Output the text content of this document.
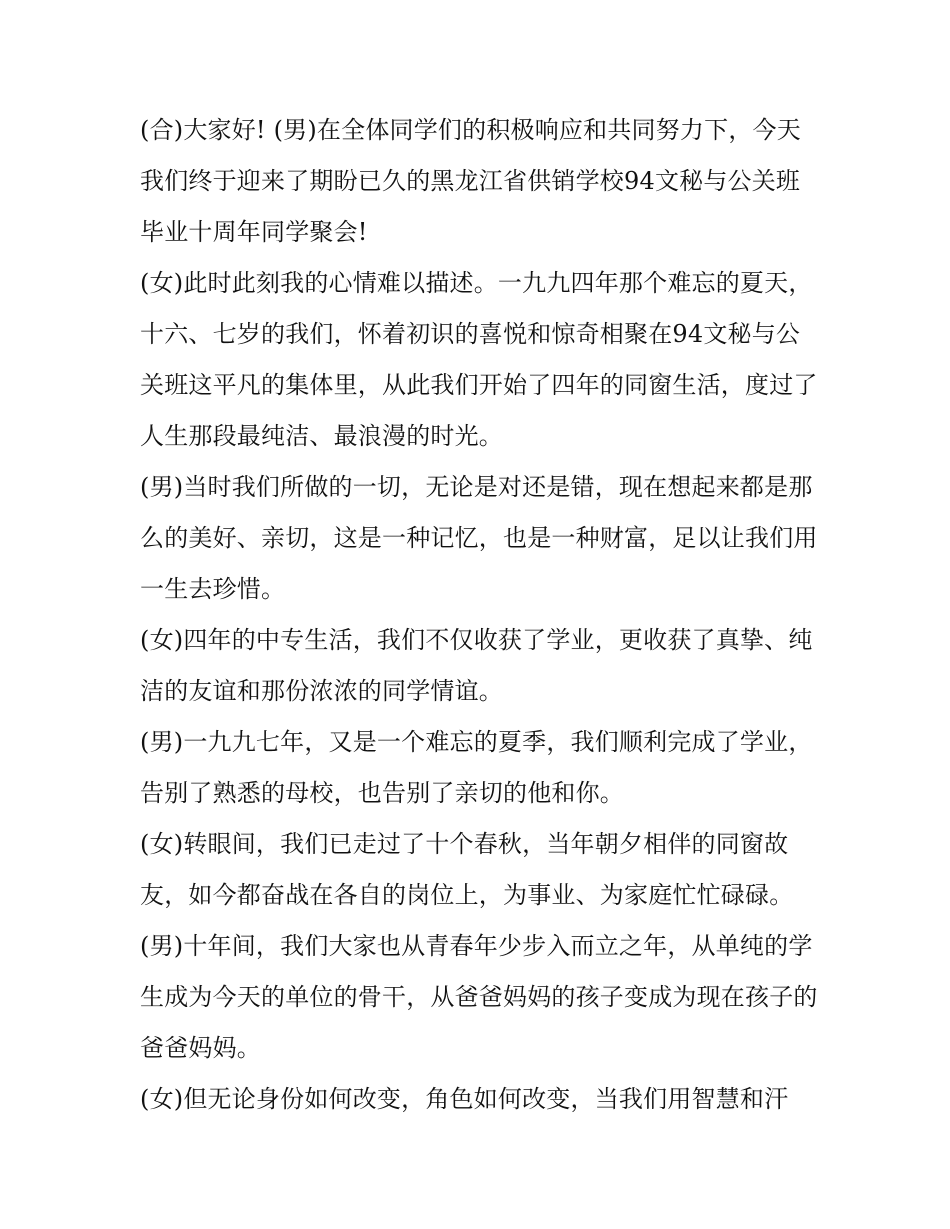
(合)大家好! (男)在全体同学们的积极响应和共同努力下，今天我们终于迎来了期盼已久的黑龙江省供销学校94文秘与公关班毕业十周年同学聚会!

(女)此时此刻我的心情难以描述。一九九四年那个难忘的夏天，十六、七岁的我们，怀着初识的喜悦和惊奇相聚在94文秘与公关班这平凡的集体里，从此我们开始了四年的同窗生活，度过了人生那段最纯洁、最浪漫的时光。

(男)当时我们所做的一切，无论是对还是错，现在想起来都是那么的美好、亲切，这是一种记忆，也是一种财富，足以让我们用一生去珍惜。

(女)四年的中专生活，我们不仅收获了学业，更收获了真挚、纯洁的友谊和那份浓浓的同学情谊。

(男)一九九七年，又是一个难忘的夏季，我们顺利完成了学业，告别了熟悉的母校，也告别了亲切的他和你。

(女)转眼间，我们已走过了十个春秋，当年朝夕相伴的同窗故友，如今都奋战在各自的岗位上，为事业、为家庭忙忙碌碌。

(男)十年间，我们大家也从青春年少步入而立之年，从单纯的学生成为今天的单位的骨干，从爸爸妈妈的孩子变成为现在孩子的爸爸妈妈。

(女)但无论身份如何改变，角色如何改变，当我们用智慧和汗
